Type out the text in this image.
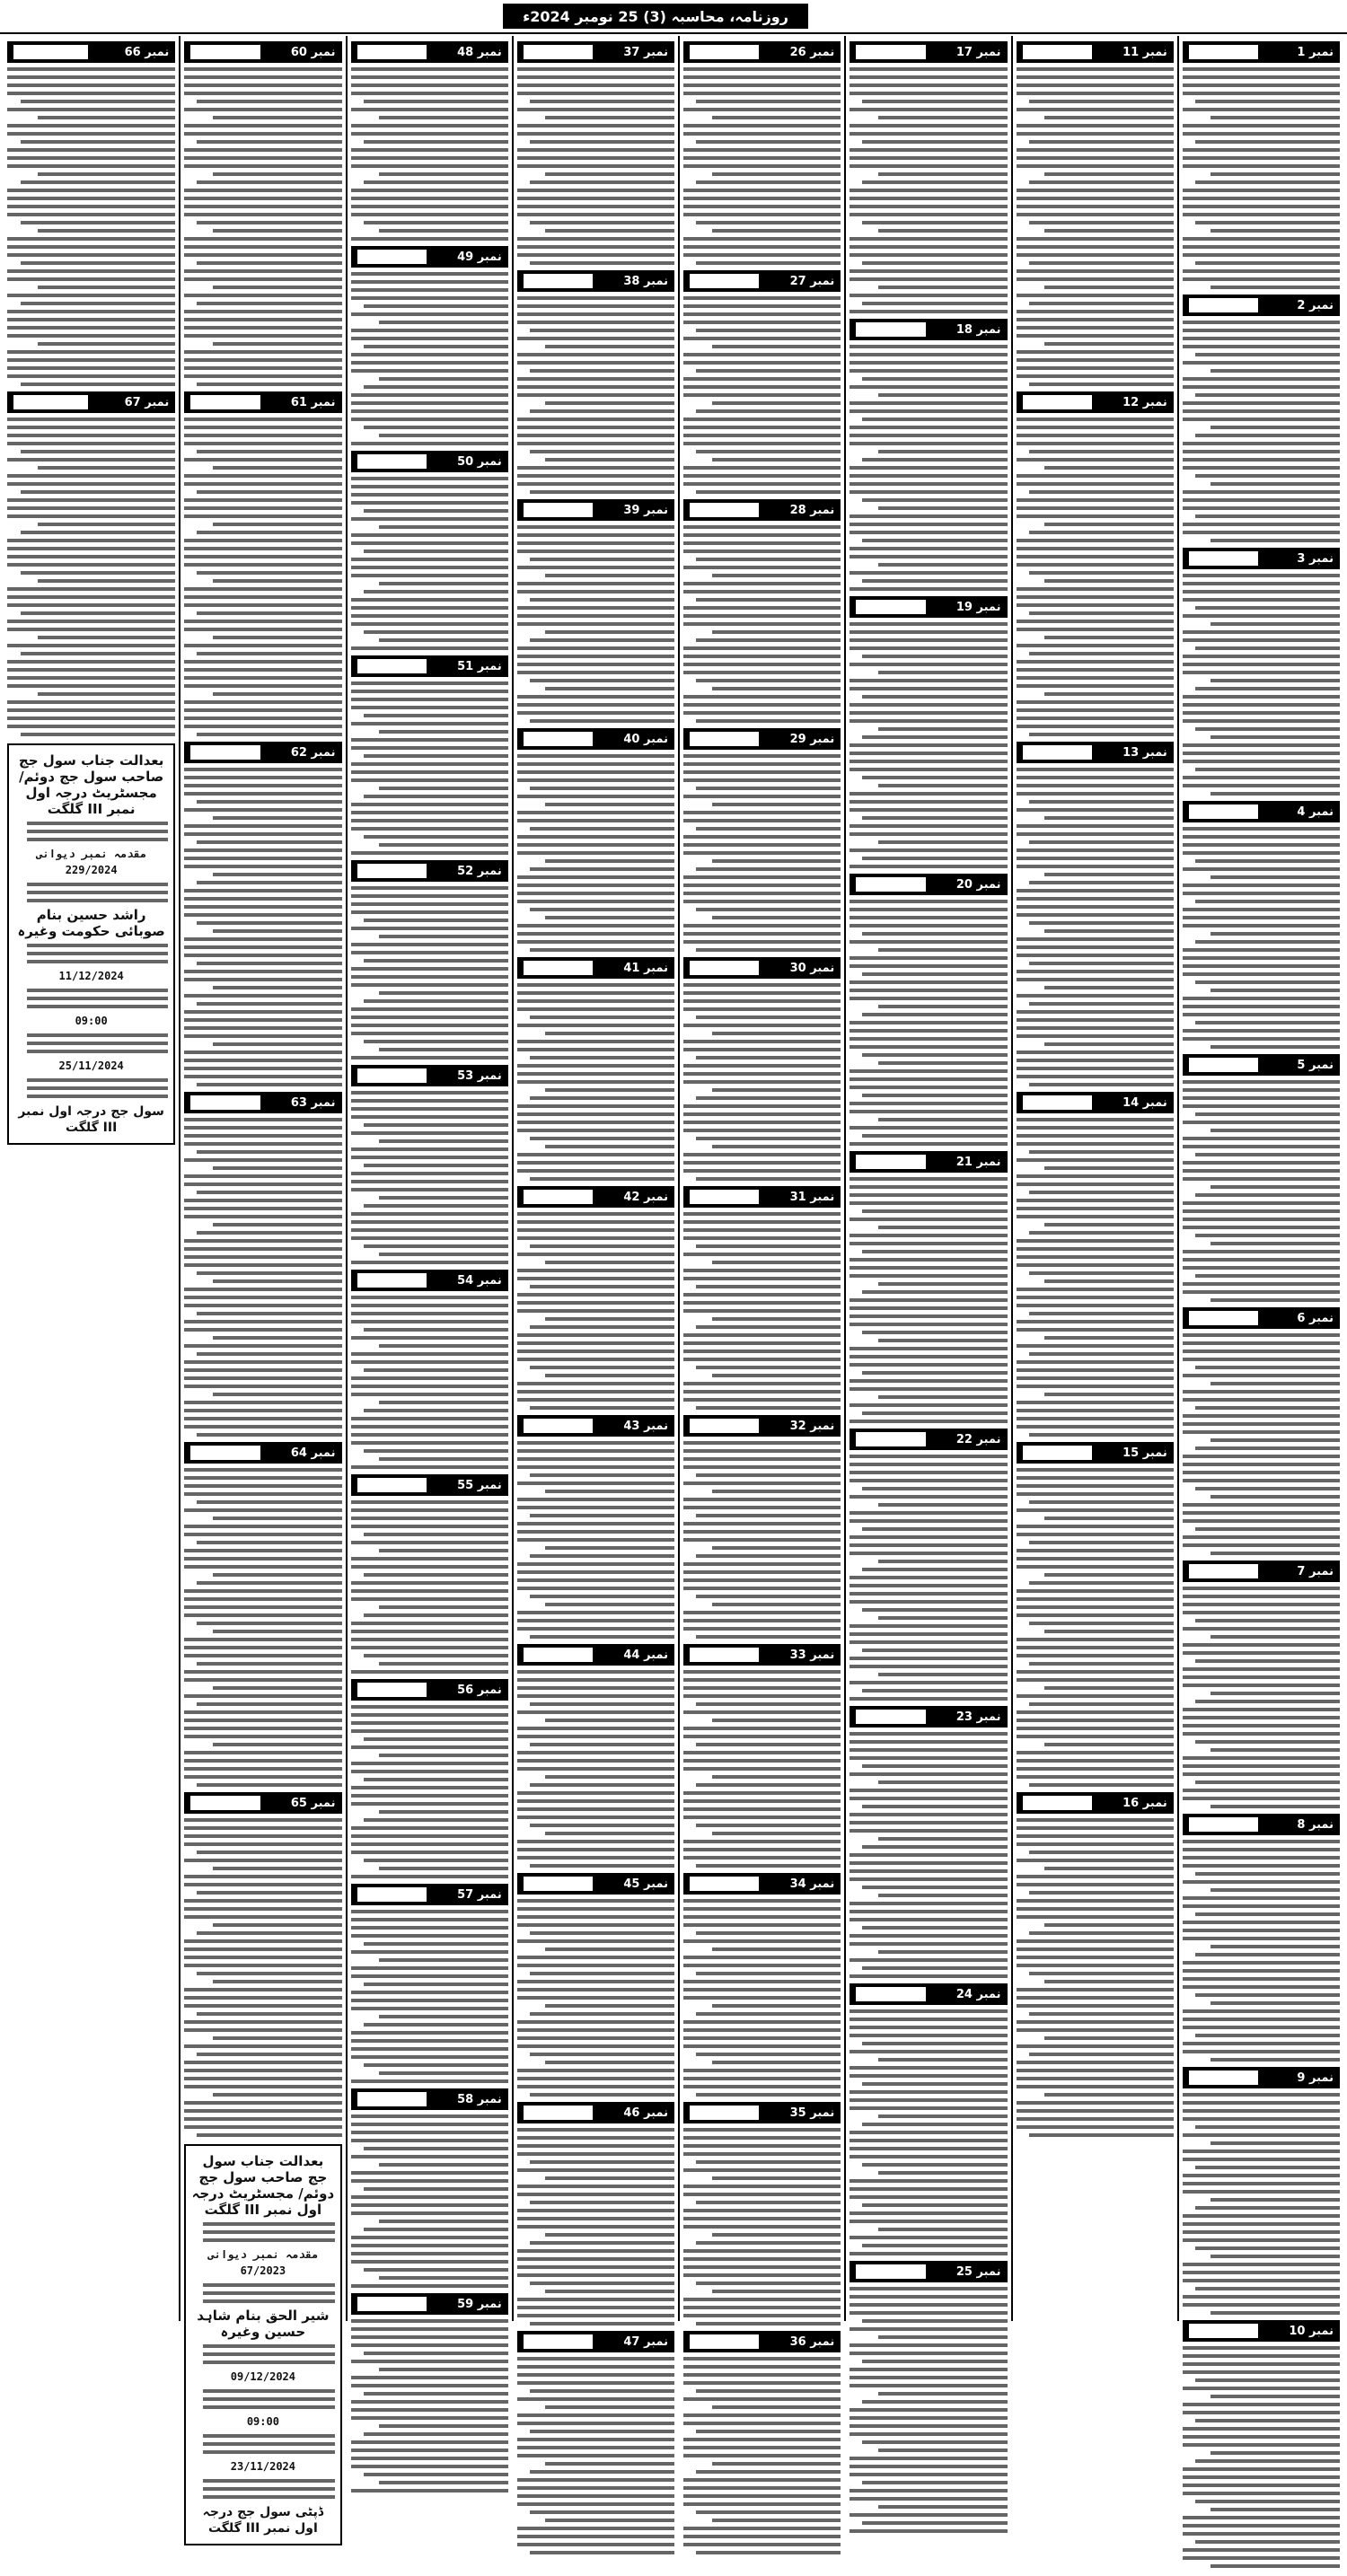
روزنامہ، محاسبہ (3) 25 نومبر 2024ء
نمبر 1
نمبر 2
نمبر 3
نمبر 4
نمبر 5
نمبر 6
نمبر 7
نمبر 8
نمبر 9
نمبر 10
نمبر 11
نمبر 12
نمبر 13
نمبر 14
نمبر 15
نمبر 16
نمبر 17
نمبر 18
نمبر 19
نمبر 20
نمبر 21
نمبر 22
نمبر 23
نمبر 24
نمبر 25
نمبر 26
نمبر 27
نمبر 28
نمبر 29
نمبر 30
نمبر 31
نمبر 32
نمبر 33
نمبر 34
نمبر 35
نمبر 36
نمبر 37
نمبر 38
نمبر 39
نمبر 40
نمبر 41
نمبر 42
نمبر 43
نمبر 44
نمبر 45
نمبر 46
نمبر 47
نمبر 48
نمبر 49
نمبر 50
نمبر 51
نمبر 52
نمبر 53
نمبر 54
نمبر 55
نمبر 56
نمبر 57
نمبر 58
نمبر 59
نمبر 60
نمبر 61
نمبر 62
نمبر 63
نمبر 64
نمبر 65
بعدالت جناب سول جج صاحب سول جج دوئم/ مجسٹریٹ درجہ اول نمبر III گلگت
مقدمہ نمبر دیوانی 67/2023
شیر الحق بنام شاہد حسین وغیرہ
09/12/2024
09:00
23/11/2024
ڈپٹی سول جج درجہ اول نمبر III گلگت
نمبر 66
نمبر 67
بعدالت جناب سول جج صاحب سول جج دوئم/ مجسٹریٹ درجہ اول نمبر III گلگت
مقدمہ نمبر دیوانی 229/2024
راشد حسین بنام صوبائی حکومت وغیرہ
11/12/2024
09:00
25/11/2024
سول جج درجہ اول نمبر III گلگت
